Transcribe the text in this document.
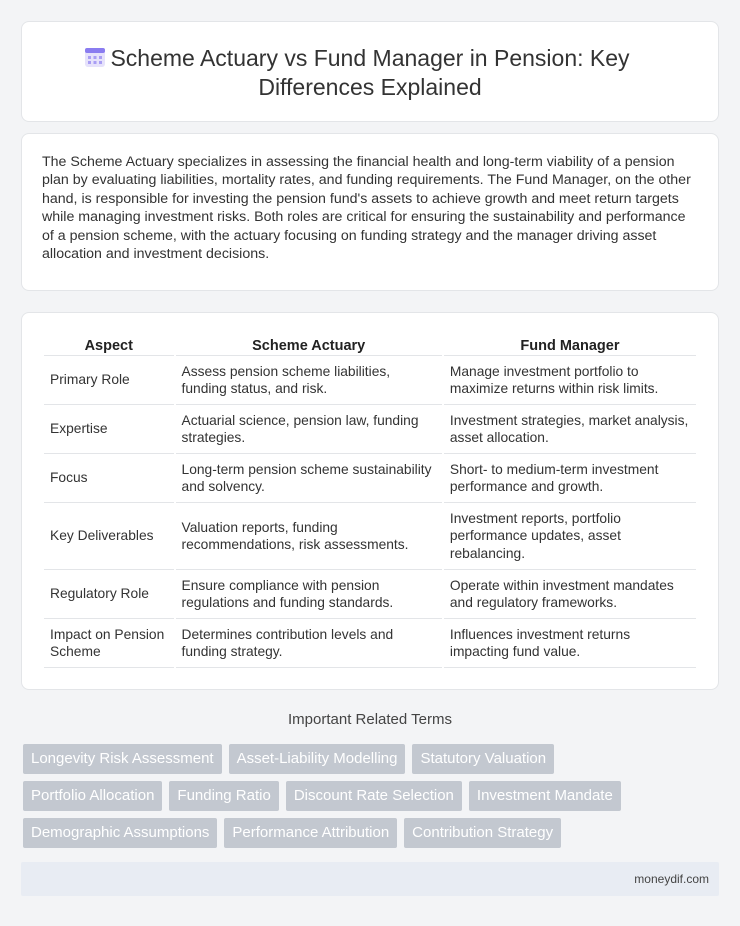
Scheme Actuary vs Fund Manager in Pension: Key
Differences Explained

The Scheme Actuary specializes in assessing the financial health and long-term viability of a pension plan by evaluating liabilities, mortality rates, and funding requirements. The Fund Manager, on the other hand, is responsible for investing the pension fund's assets to achieve growth and meet return targets while managing investment risks. Both roles are critical for ensuring the sustainability and performance of a pension scheme, with the actuary focusing on funding strategy and the manager driving asset allocation and investment decisions.

Aspect	Scheme Actuary	Fund Manager
Primary Role	Assess pension scheme liabilities, funding status, and risk.	Manage investment portfolio to maximize returns within risk limits.
Expertise	Actuarial science, pension law, funding strategies.	Investment strategies, market analysis, asset allocation.
Focus	Long-term pension scheme sustainability and solvency.	Short- to medium-term investment performance and growth.
Key Deliverables	Valuation reports, funding recommendations, risk assessments.	Investment reports, portfolio performance updates, asset rebalancing.
Regulatory Role	Ensure compliance with pension regulations and funding standards.	Operate within investment mandates and regulatory frameworks.
Impact on Pension Scheme	Determines contribution levels and funding strategy.	Influences investment returns impacting fund value.
Important Related Terms
Longevity Risk Assessment	Asset-Liability Modelling	Statutory Valuation
Portfolio Allocation	Funding Ratio	Discount Rate Selection	Investment Mandate
Demographic Assumptions	Performance Attribution	Contribution Strategy
moneydif.com
